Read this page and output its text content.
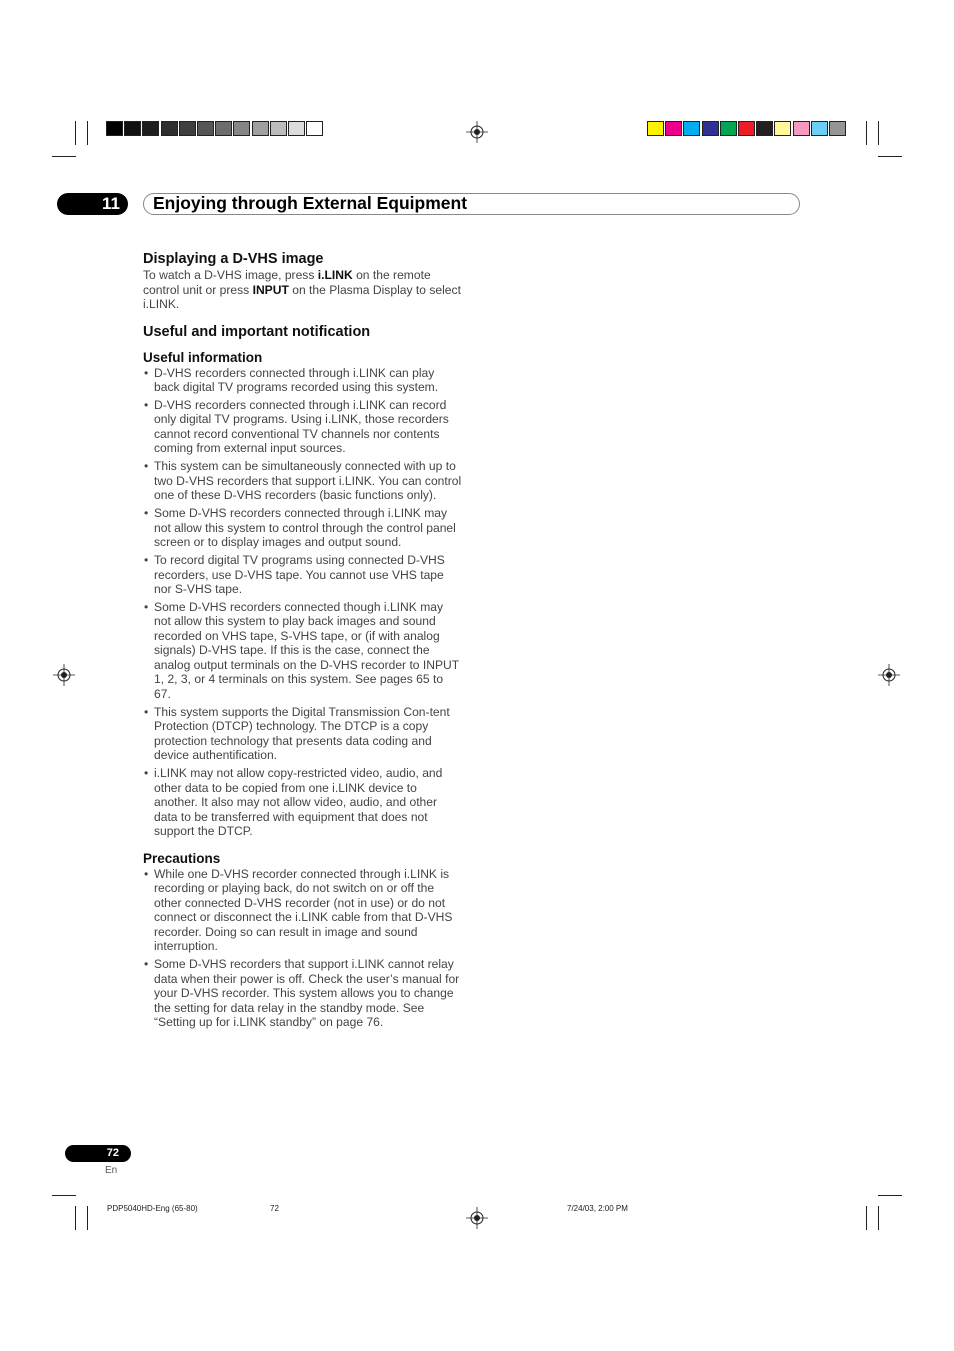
11	Enjoying through External Equipment
Displaying a D-VHS image

To watch a D-VHS image, press i.LINK on the remote control unit or press INPUT on the Plasma Display to select i.LINK.

Useful and important notification
Useful information
• D-VHS recorders connected through i.LINK can play back digital TV programs recorded using this system.
• D-VHS recorders connected through i.LINK can record only digital TV programs. Using i.LINK, those recorders cannot record conventional TV channels nor contents coming from external input sources.
• This system can be simultaneously connected with up to two D-VHS recorders that support i.LINK. You can control one of these D-VHS recorders (basic functions only).
• Some D-VHS recorders connected through i.LINK may not allow this system to control through the control panel screen or to display images and output sound.
• To record digital TV programs using connected D-VHS recorders, use D-VHS tape. You cannot use VHS tape nor S-VHS tape.
• Some D-VHS recorders connected though i.LINK may not allow this system to play back images and sound recorded on VHS tape, S-VHS tape, or (if with analog signals) D-VHS tape. If this is the case, connect the analog output terminals on the D-VHS recorder to INPUT 1, 2, 3, or 4 terminals on this system. See pages 65 to 67.
• This system supports the Digital Transmission Con-tent Protection (DTCP) technology. The DTCP is a copy protection technology that presents data coding and device authentification.
• i.LINK may not allow copy-restricted video, audio, and other data to be copied from one i.LINK device to another. It also may not allow video, audio, and other data to be transferred with equipment that does not support the DTCP.
Precautions
• While one D-VHS recorder connected through i.LINK is recording or playing back, do not switch on or off the other connected D-VHS recorder (not in use) or do not connect or disconnect the i.LINK cable from that D-VHS recorder. Doing so can result in image and sound interruption.
• Some D-VHS recorders that support i.LINK cannot relay data when their power is off. Check the user’s manual for your D-VHS recorder. This system allows you to change the setting for data relay in the standby mode. See “Setting up for i.LINK standby” on page 76.
72
En
PDP5040HD-Eng (65-80)	72	7/24/03, 2:00 PM
